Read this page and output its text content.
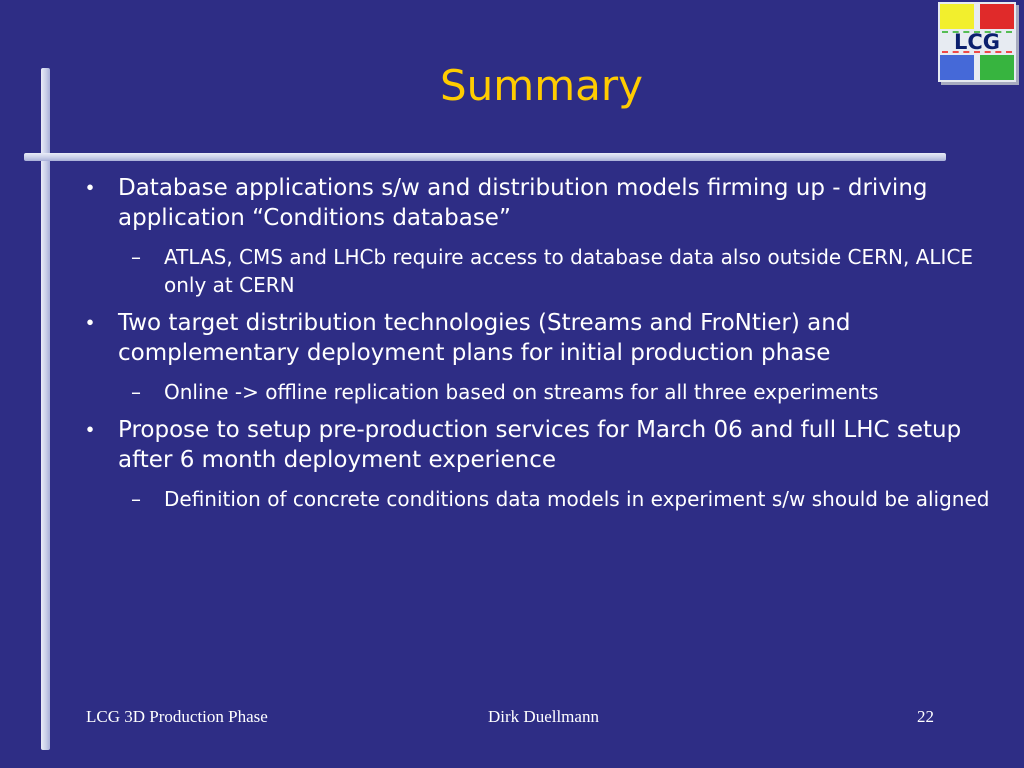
Summary
LCG
• Database applications s/w and distribution models firming up - driving application “Conditions database”
– ATLAS, CMS and LHCb require access to database data also outside CERN, ALICE only at CERN
• Two target distribution technologies (Streams and FroNtier) and complementary deployment plans for initial production phase
– Online -> offline replication based on streams for all three experiments
• Propose to setup pre-production services for March 06 and full LHC setup after 6 month deployment experience
– Definition of concrete conditions data models in experiment s/w should be aligned
LCG 3D Production Phase	Dirk Duellmann	22
